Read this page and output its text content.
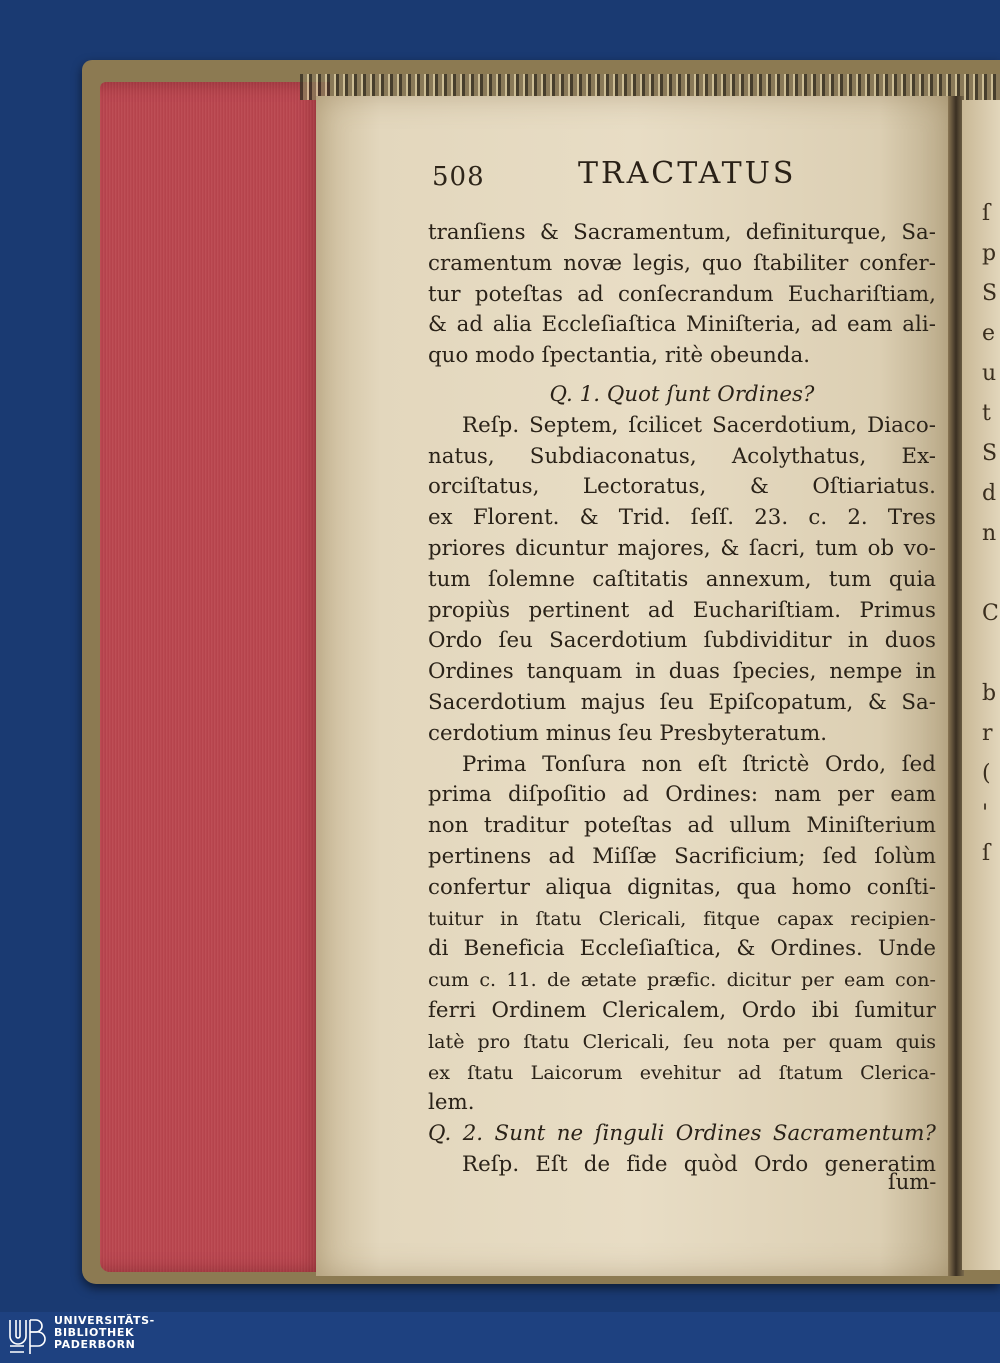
ſ
p
S
e
u
t
S
d
n
C
b
r
(
'
ſ
508	TRACTATUS
tranſiens & Sacramentum, definiturque, Sa-
cramentum novæ legis, quo ſtabiliter confer-
tur poteſtas ad conſecrandum Euchariſtiam,
& ad alia Eccleſiaſtica Miniſteria, ad eam ali-
quo modo ſpectantia, ritè obeunda.
Q. 1. Quot ſunt Ordines?
Reſp. Septem, ſcilicet Sacerdotium, Diaco-
natus, Subdiaconatus, Acolythatus, Ex-
orciſtatus, Lectoratus, & Oſtiariatus.
ex Florent. & Trid. ſeſſ. 23. c. 2. Tres
priores dicuntur majores, & ſacri, tum ob vo-
tum ſolemne caſtitatis annexum, tum quia
propiùs pertinent ad Euchariſtiam. Primus
Ordo ſeu Sacerdotium ſubdividitur in duos
Ordines tanquam in duas ſpecies, nempe in
Sacerdotium majus ſeu Epiſcopatum, & Sa-
cerdotium minus ſeu Presbyteratum.
Prima Tonſura non eſt ſtrictè Ordo, ſed
prima diſpoſitio ad Ordines: nam per eam
non traditur poteſtas ad ullum Miniſterium
pertinens ad Miſſæ Sacrificium; ſed ſolùm
confertur aliqua dignitas, qua homo conſti-
tuitur in ſtatu Clericali, fitque capax recipien-
di Beneficia Eccleſiaſtica, & Ordines. Unde
cum c. 11. de ætate præfic. dicitur per eam con-
ferri Ordinem Clericalem, Ordo ibi ſumitur
latè pro ſtatu Clericali, ſeu nota per quam quis
ex ſtatu Laicorum evehitur ad ſtatum Clerica-
lem.
Q. 2. Sunt ne ſinguli Ordines Sacramentum?
Reſp. Eſt de fide quòd Ordo generatim
ſum-
UNIVERSITÄTS-
BIBLIOTHEK
PADERBORN
